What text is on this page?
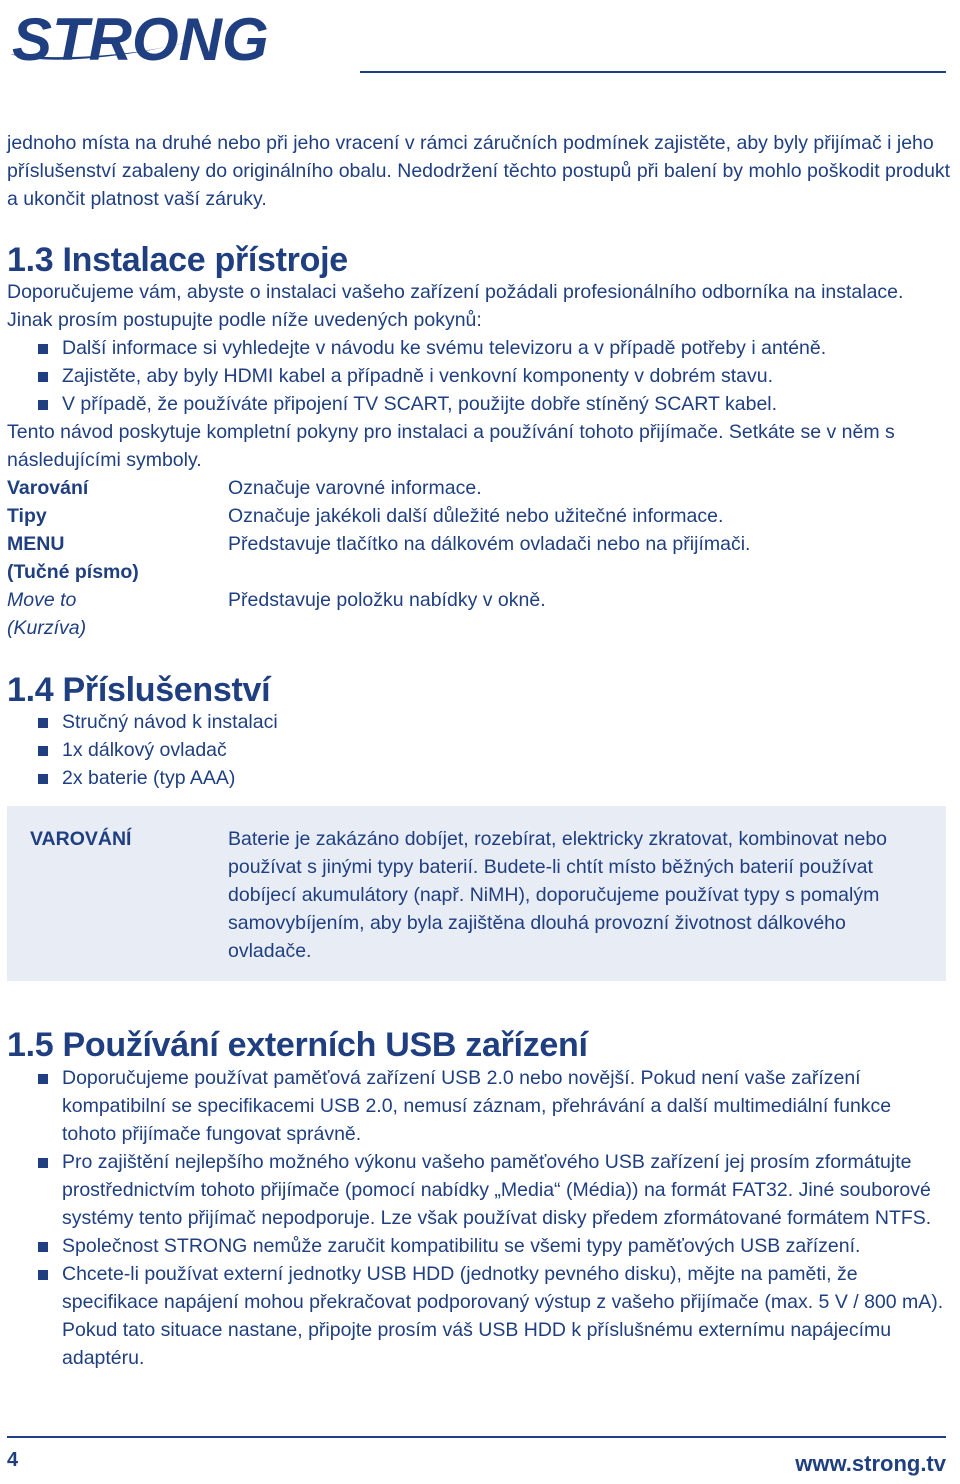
STRONG

jednoho místa na druhé nebo při jeho vracení v rámci záručních podmínek zajistěte, aby byly přijímač i jeho příslušenství zabaleny do originálního obalu. Nedodržení těchto postupů při balení by mohlo poškodit produkt a ukončit platnost vaší záruky.

1.3 Instalace přístroje

Doporučujeme vám, abyste o instalaci vašeho zařízení požádali profesionálního odborníka na instalace. Jinak prosím postupujte podle níže uvedených pokynů:

Další informace si vyhledejte v návodu ke svému televizoru a v případě potřeby i anténě.
Zajistěte, aby byly HDMI kabel a případně i venkovní komponenty v dobrém stavu.
V případě, že používáte připojení TV SCART, použijte dobře stíněný SCART kabel.

Tento návod poskytuje kompletní pokyny pro instalaci a používání tohoto přijímače. Setkáte se v něm s následujícími symboly.

Varování	Označuje varovné informace.
Tipy	Označuje jakékoli další důležité nebo užitečné informace.
MENU	Představuje tlačítko na dálkovém ovladači nebo na přijímači.
(Tučné písmo)
Move to	Představuje položku nabídky v okně.
(Kurzíva)
1.4 Příslušenství
Stručný návod k instalaci
1x dálkový ovladač
2x baterie (typ AAA)
VAROVÁNÍ	Baterie je zakázáno dobíjet, rozebírat, elektricky zkratovat, kombinovat nebo používat s jinými typy baterií. Budete-li chtít místo běžných baterií používat dobíjecí akumulátory (např. NiMH), doporučujeme používat typy s pomalým samovybíjením, aby byla zajištěna dlouhá provozní životnost dálkového ovladače.

1.5 Používání externích USB zařízení
Doporučujeme používat paměťová zařízení USB 2.0 nebo novější. Pokud není vaše zařízení kompatibilní se specifikacemi USB 2.0, nemusí záznam, přehrávání a další multimediální funkce tohoto přijímače fungovat správně.
Pro zajištění nejlepšího možného výkonu vašeho paměťového USB zařízení jej prosím zformátujte prostřednictvím tohoto přijímače (pomocí nabídky „Media“ (Média)) na formát FAT32. Jiné souborové systémy tento přijímač nepodporuje. Lze však používat disky předem zformátované formátem NTFS.
Společnost STRONG nemůže zaručit kompatibilitu se všemi typy paměťových USB zařízení.
Chcete-li používat externí jednotky USB HDD (jednotky pevného disku), mějte na paměti, že specifikace napájení mohou překračovat podporovaný výstup z vašeho přijímače (max. 5 V / 800 mA). Pokud tato situace nastane, připojte prosím váš USB HDD k příslušnému externímu napájecímu adaptéru.
4	www.strong.tv
